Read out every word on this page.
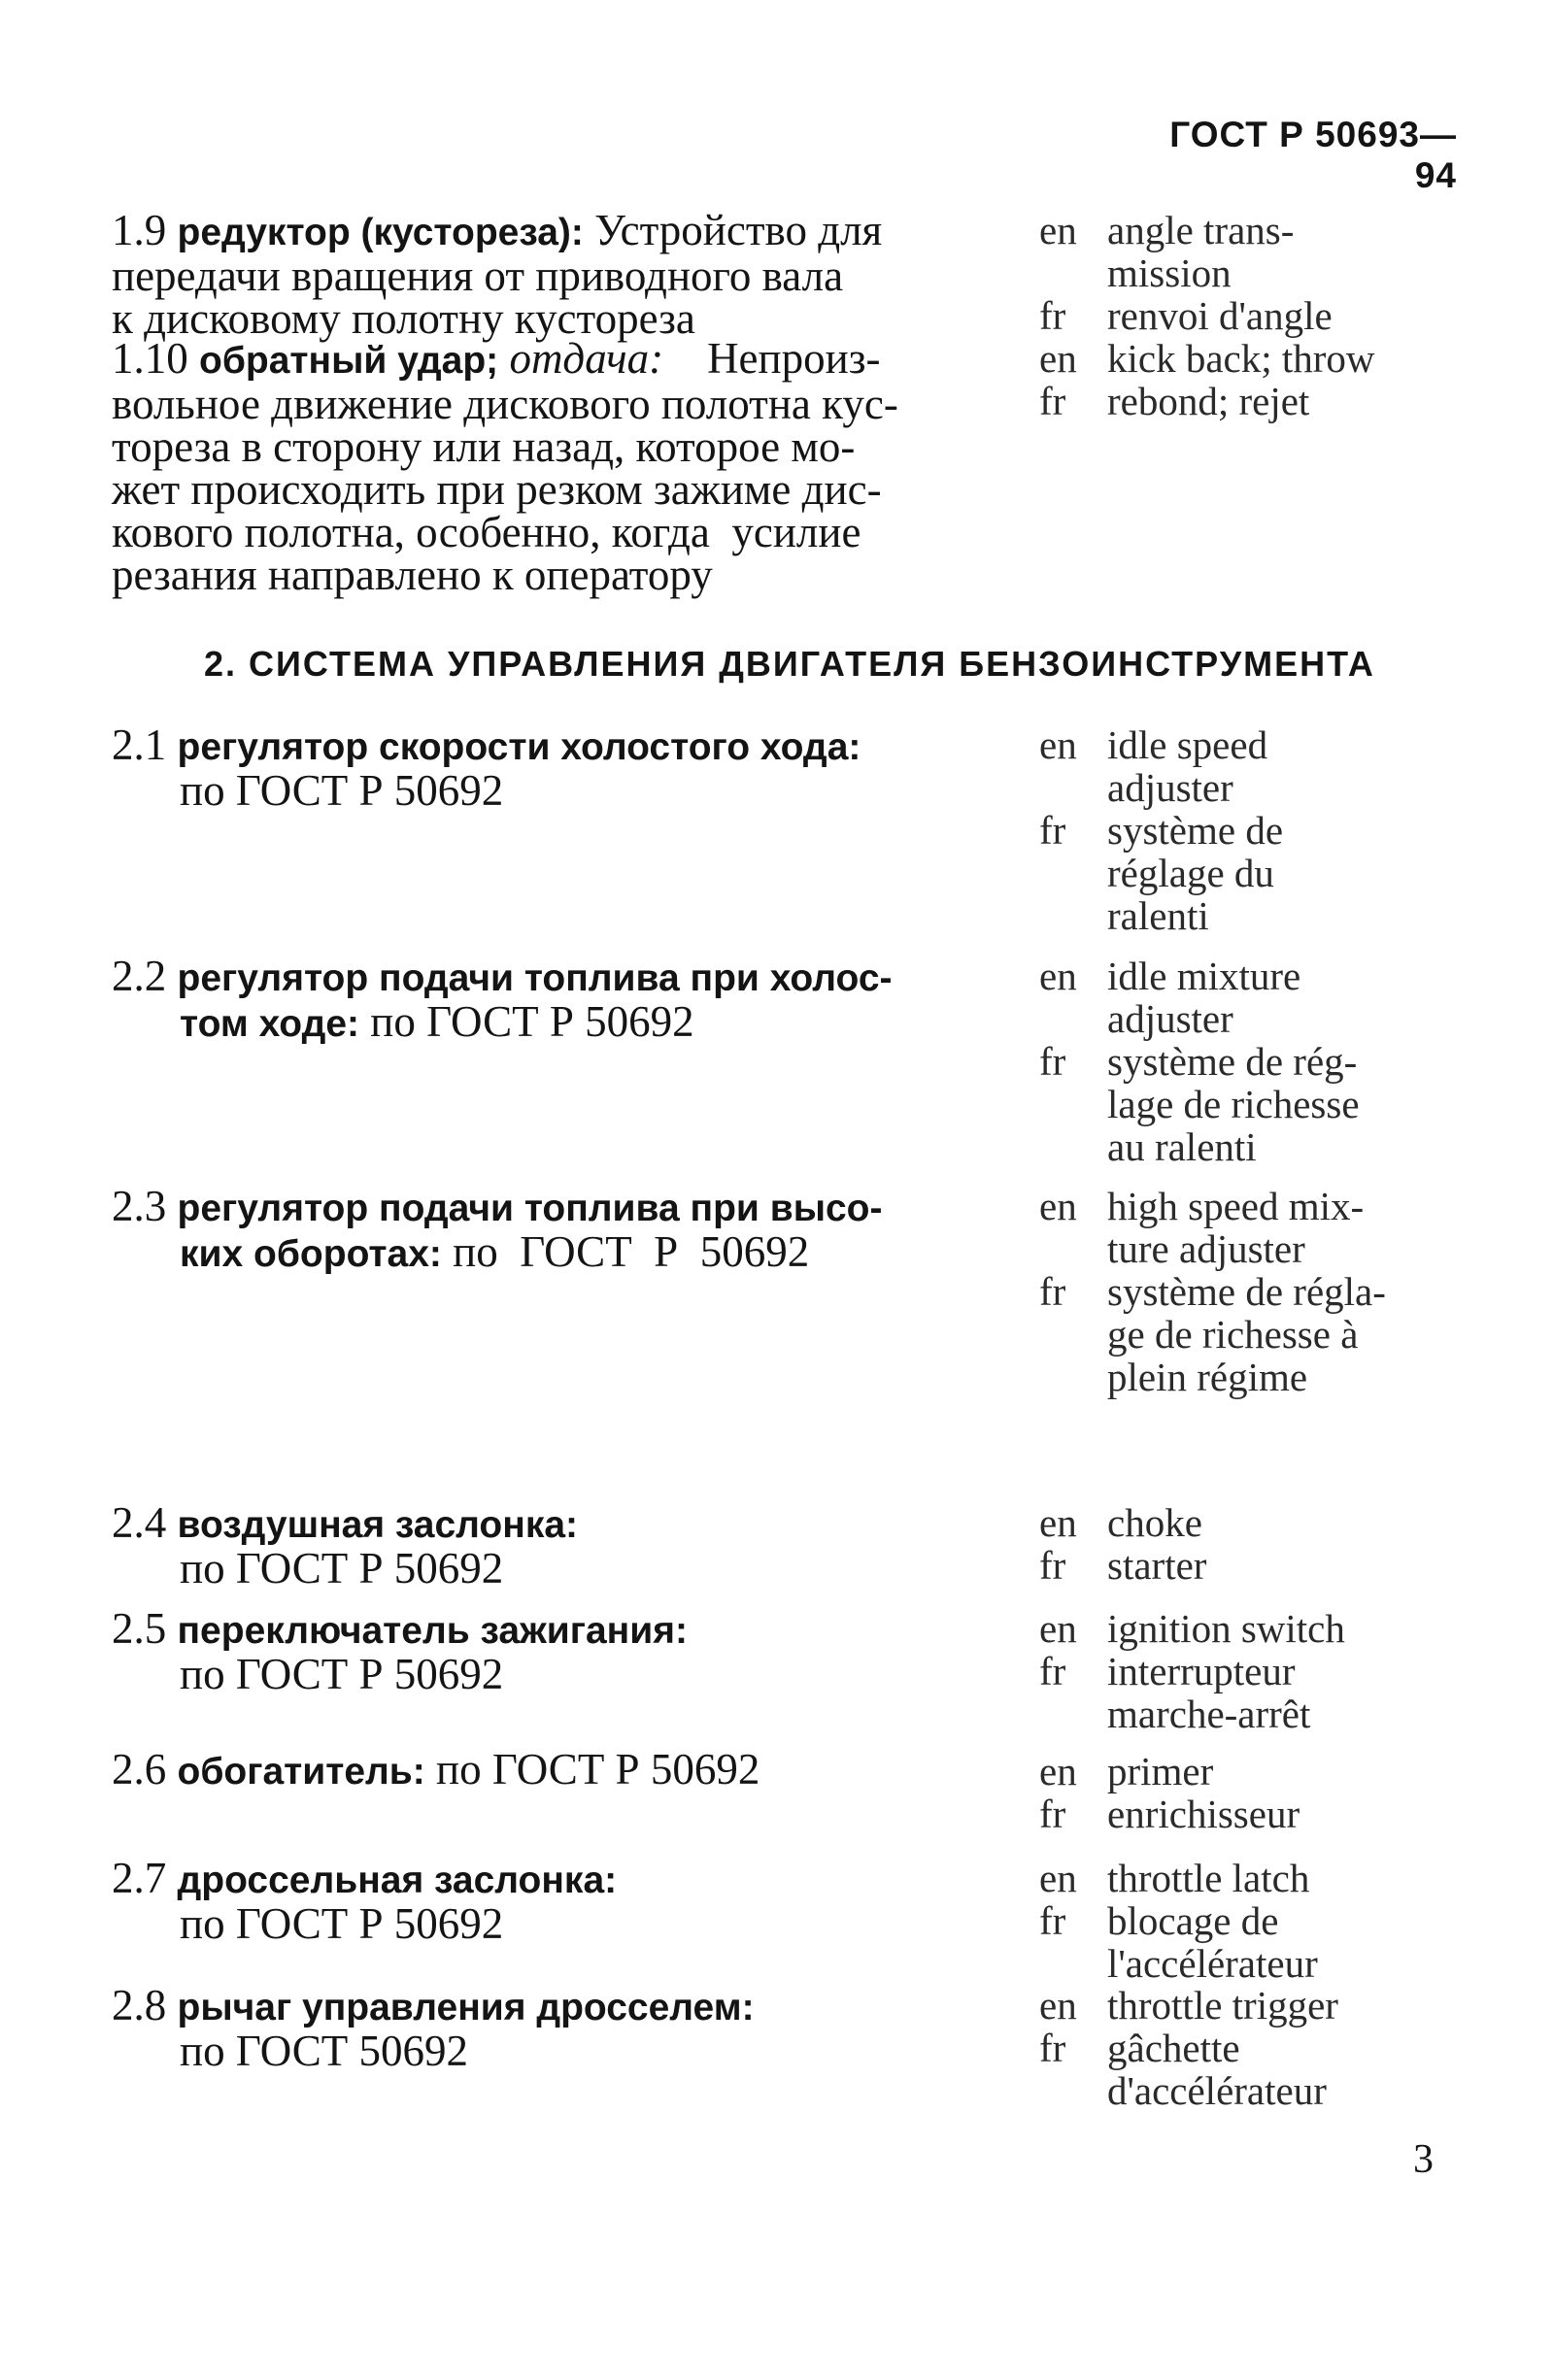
ГОСТ Р 50693—94
1.9 редуктор (кустореза): Устройство для
передачи вращения от приводного вала
к дисковому полотну кустореза
en angle trans-
mission
fr	renvoi d'angle
1.10 обратный удар; отдача:    Непроиз-
вольное движение дискового полотна кус-
тореза в сторону или назад, которое мо-
жет происходить при резком зажиме дис-
кового полотна, особенно, когда  усилие
резания направлено к оператору
en kick back; throw
fr	rebond; rejet
2. СИСТЕМА УПРАВЛЕНИЯ ДВИГАТЕЛЯ БЕНЗОИНСТРУМЕНТА
2.1 регулятор скорости холостого хода:
по ГОСТ Р 50692
en idle speed
adjuster
fr	système de
réglage du
ralenti
2.2 регулятор подачи топлива при холос-
том ходе: по ГОСТ Р 50692
en idle mixture
adjuster
fr	système de rég-
lage de richesse
au ralenti
2.3 регулятор подачи топлива при высо-
ких оборотах: по  ГОСТ  Р  50692
en high speed mix-
ture adjuster
fr	système de régla-
ge de richesse à
plein régime
2.4 воздушная заслонка:
по ГОСТ Р 50692
en choke
fr	starter
2.5 переключатель зажигания:
по ГОСТ Р 50692
en ignition switch
fr	interrupteur
marche-arrêt
2.6 обогатитель: по ГОСТ Р 50692	en primer
fr	enrichisseur
2.7 дроссельная заслонка:
по ГОСТ Р 50692
en throttle latch
fr	blocage de
l'accélérateur
2.8 рычаг управления дросселем:
по ГОСТ 50692
en throttle trigger
fr	gâchette
d'accélérateur
3
